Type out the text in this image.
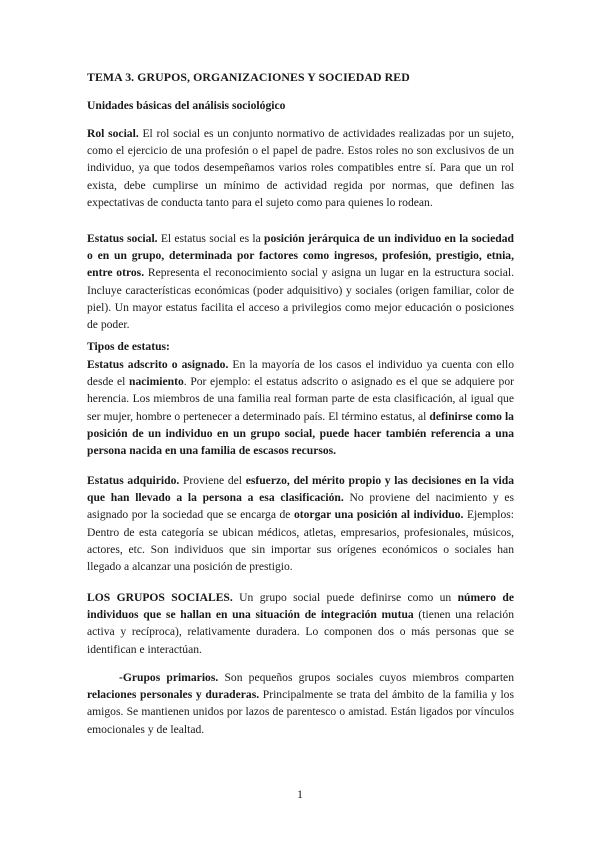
TEMA 3. GRUPOS, ORGANIZACIONES Y SOCIEDAD RED
Unidades básicas del análisis sociológico
Rol social. El rol social es un conjunto normativo de actividades realizadas por un sujeto, como el ejercicio de una profesión o el papel de padre. Estos roles no son exclusivos de un individuo, ya que todos desempeñamos varios roles compatibles entre sí. Para que un rol exista, debe cumplirse un mínimo de actividad regida por normas, que definen las expectativas de conducta tanto para el sujeto como para quienes lo rodean.
Estatus social. El estatus social es la posición jerárquica de un individuo en la sociedad o en un grupo, determinada por factores como ingresos, profesión, prestigio, etnia, entre otros. Representa el reconocimiento social y asigna un lugar en la estructura social. Incluye características económicas (poder adquisitivo) y sociales (origen familiar, color de piel). Un mayor estatus facilita el acceso a privilegios como mejor educación o posiciones de poder.
Tipos de estatus:
Estatus adscrito o asignado. En la mayoría de los casos el individuo ya cuenta con ello desde el nacimiento. Por ejemplo: el estatus adscrito o asignado es el que se adquiere por herencia. Los miembros de una familia real forman parte de esta clasificación, al igual que ser mujer, hombre o pertenecer a determinado país. El término estatus, al definirse como la posición de un individuo en un grupo social, puede hacer también referencia a una persona nacida en una familia de escasos recursos.
Estatus adquirido. Proviene del esfuerzo, del mérito propio y las decisiones en la vida que han llevado a la persona a esa clasificación. No proviene del nacimiento y es asignado por la sociedad que se encarga de otorgar una posición al individuo. Ejemplos: Dentro de esta categoría se ubican médicos, atletas, empresarios, profesionales, músicos, actores, etc. Son individuos que sin importar sus orígenes económicos o sociales han llegado a alcanzar una posición de prestigio.
LOS GRUPOS SOCIALES. Un grupo social puede definirse como un número de individuos que se hallan en una situación de integración mutua (tienen una relación activa y recíproca), relativamente duradera. Lo componen dos o más personas que se identifican e interactúan.
-Grupos primarios. Son pequeños grupos sociales cuyos miembros comparten relaciones personales y duraderas. Principalmente se trata del ámbito de la familia y los amigos. Se mantienen unidos por lazos de parentesco o amistad. Están ligados por vínculos emocionales y de lealtad.
1
